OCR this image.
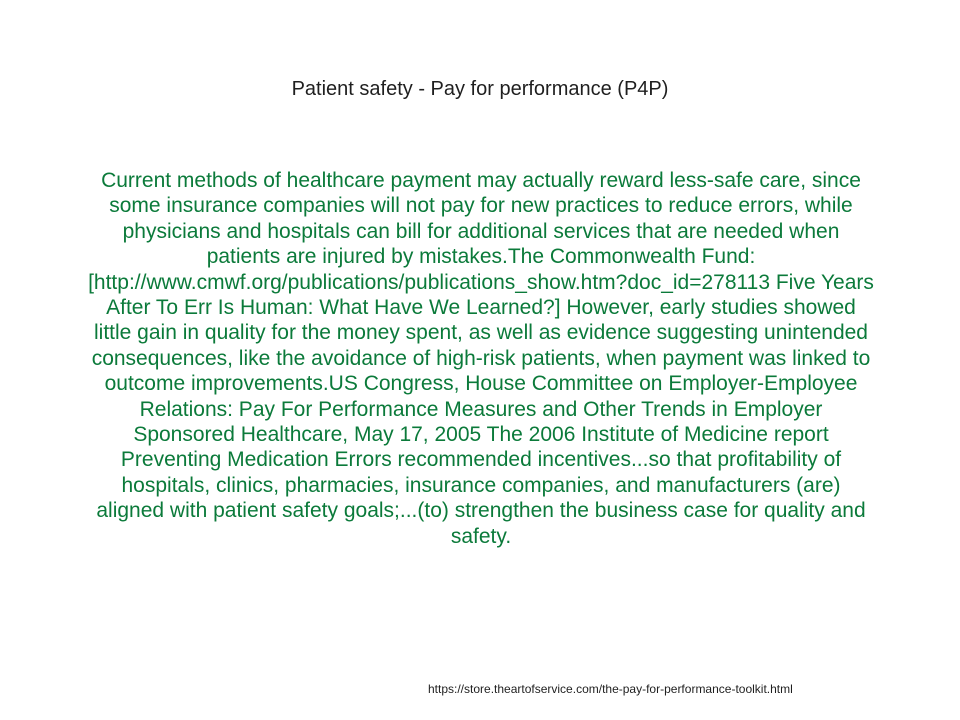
Patient safety - Pay for performance (P4P)

Current methods of healthcare payment may actually reward less-safe care, since some insurance companies will not pay for new practices to reduce errors, while physicians and hospitals can bill for additional services that are needed when patients are injured by mistakes.The Commonwealth Fund: [http://www.cmwf.org/publications/publications_show.htm?doc_id=278113 Five Years After To Err Is Human: What Have We Learned?] However, early studies showed little gain in quality for the money spent, as well as evidence suggesting unintended consequences, like the avoidance of high-risk patients, when payment was linked to outcome improvements.US Congress, House Committee on Employer-Employee Relations: Pay For Performance Measures and Other Trends in Employer Sponsored Healthcare, May 17, 2005 The 2006 Institute of Medicine report Preventing Medication Errors recommended incentives...so that profitability of hospitals, clinics, pharmacies, insurance companies, and manufacturers (are) aligned with patient safety goals;...(to) strengthen the business case for quality and safety.

https://store.theartofservice.com/the-pay-for-performance-toolkit.html
